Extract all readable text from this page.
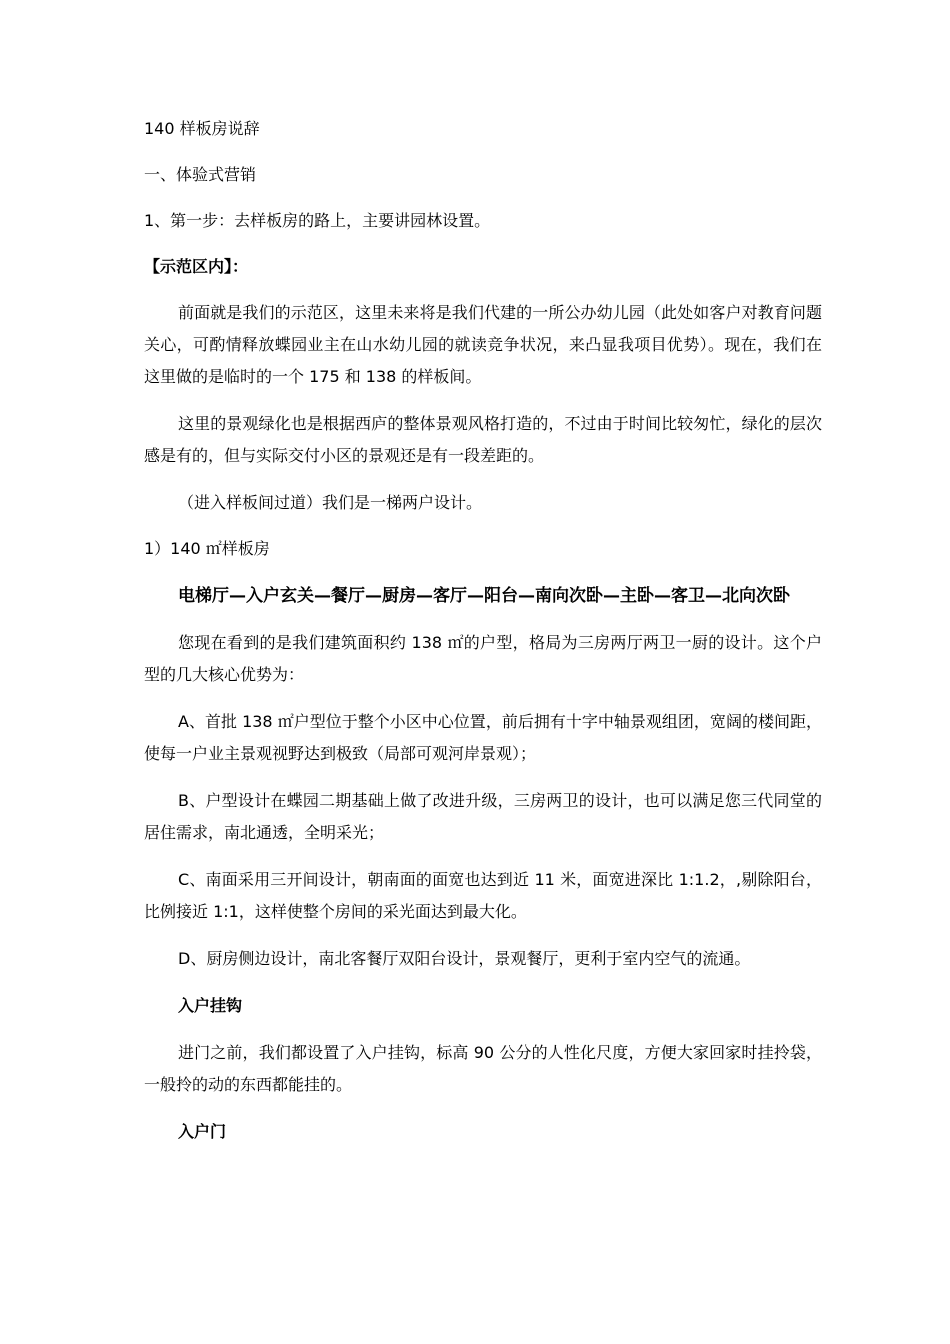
140 样板房说辞
一、体验式营销
1、第一步：去样板房的路上，主要讲园林设置。
【示范区内】：
前面就是我们的示范区，这里未来将是我们代建的一所公办幼儿园（此处如客户对教育问题关心，可酌情释放蝶园业主在山水幼儿园的就读竞争状况，来凸显我项目优势）。现在，我们在这里做的是临时的一个 175 和 138 的样板间。
这里的景观绿化也是根据西庐的整体景观风格打造的，不过由于时间比较匆忙，绿化的层次感是有的，但与实际交付小区的景观还是有一段差距的。
（进入样板间过道）我们是一梯两户设计。
1）140 ㎡样板房
电梯厅—入户玄关—餐厅—厨房—客厅—阳台—南向次卧—主卧—客卫—北向次卧
您现在看到的是我们建筑面积约 138 ㎡的户型，格局为三房两厅两卫一厨的设计。这个户型的几大核心优势为：
A、首批 138 ㎡户型位于整个小区中心位置，前后拥有十字中轴景观组团，宽阔的楼间距，使每一户业主景观视野达到极致（局部可观河岸景观）；
B、户型设计在蝶园二期基础上做了改进升级，三房两卫的设计，也可以满足您三代同堂的居住需求，南北通透，全明采光；
C、南面采用三开间设计，朝南面的面宽也达到近 11 米，面宽进深比 1:1.2，,剔除阳台，比例接近 1:1，这样使整个房间的采光面达到最大化。
D、厨房侧边设计，南北客餐厅双阳台设计，景观餐厅，更利于室内空气的流通。
入户挂钩
进门之前，我们都设置了入户挂钩，标高 90 公分的人性化尺度，方便大家回家时挂拎袋，一般拎的动的东西都能挂的。
入户门
